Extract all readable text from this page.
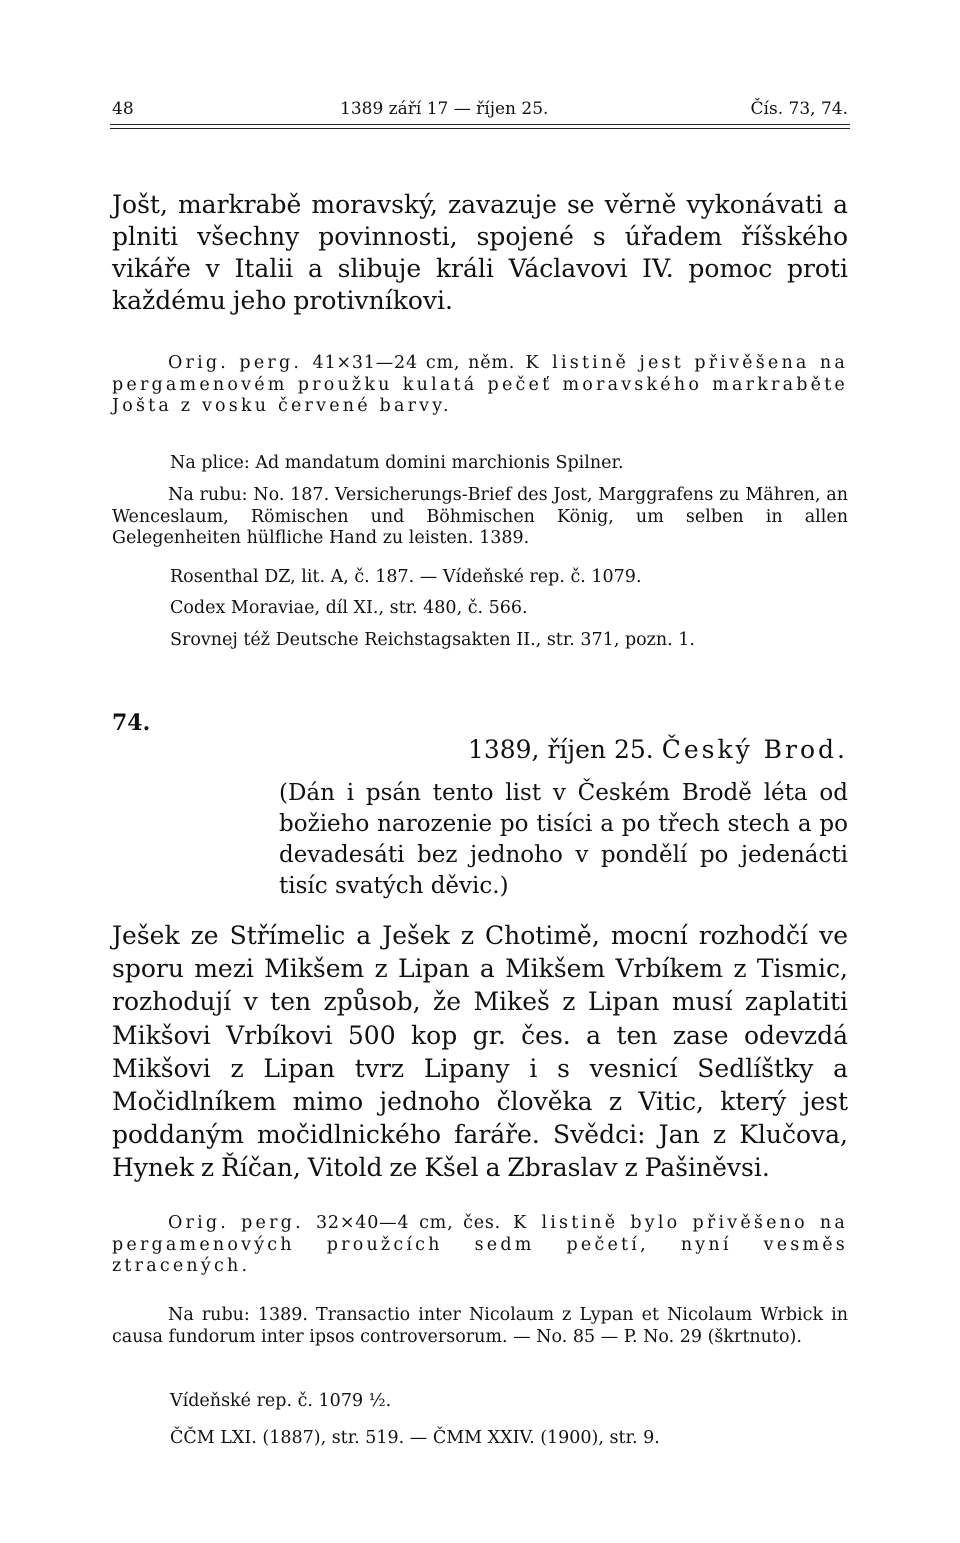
48	1389 září 17 — říjen 25.	Čís. 73, 74.
Jošt, markrabě moravský, zavazuje se věrně vykonávati a plniti všechny povinnosti, spojené s úřadem říšského vikáře v Italii a slibuje králi Václavovi IV. pomoc proti každému jeho protivníkovi.
Orig. perg. 41×31—24 cm, něm. K listině jest přivěšena na pergamenovém proužku kulatá pečeť moravského markraběte Jošta z vosku červené barvy.
Na plice: Ad mandatum domini marchionis Spilner.
Na rubu: No. 187. Versicherungs-Brief des Jost, Marggrafens zu Mähren, an Wenceslaum, Römischen und Böhmischen König, um selben in allen Gelegenheiten hülfliche Hand zu leisten. 1389.
Rosenthal DZ, lit. A, č. 187. — Vídeňské rep. č. 1079.
Codex Moraviae, díl XI., str. 480, č. 566.
Srovnej též Deutsche Reichstagsakten II., str. 371, pozn. 1.
74.
1389, říjen 25. Český Brod.
(Dán i psán tento list v Českém Brodě léta od božieho narozenie po tisíci a po třech stech a po devadesáti bez jednoho v pondělí po jedenácti tisíc svatých děvic.)
Ješek ze Střímelic a Ješek z Chotimě, mocní rozhodčí ve sporu mezi Mikšem z Lipan a Mikšem Vrbíkem z Tismic, rozhodují v ten způsob, že Mikeš z Lipan musí zaplatiti Mikšovi Vrbíkovi 500 kop gr. čes. a ten zase odevzdá Mikšovi z Lipan tvrz Lipany i s vesnicí Sedlíštky a Močidlníkem mimo jednoho člověka z Vitic, který jest poddaným močidlnického faráře. Svědci: Jan z Klučova, Hynek z Říčan, Vitold ze Kšel a Zbraslav z Pašiněvsi.
Orig. perg. 32×40—4 cm, čes. K listině bylo přivěšeno na pergamenových proužcích sedm pečetí, nyní vesměs ztracených.
Na rubu: 1389. Transactio inter Nicolaum z Lypan et Nicolaum Wrbick in causa fundorum inter ipsos controversorum. — No. 85 — P. No. 29 (škrtnuto).
Vídeňské rep. č. 1079 ½.
ČČM LXI. (1887), str. 519. — ČMM XXIV. (1900), str. 9.
